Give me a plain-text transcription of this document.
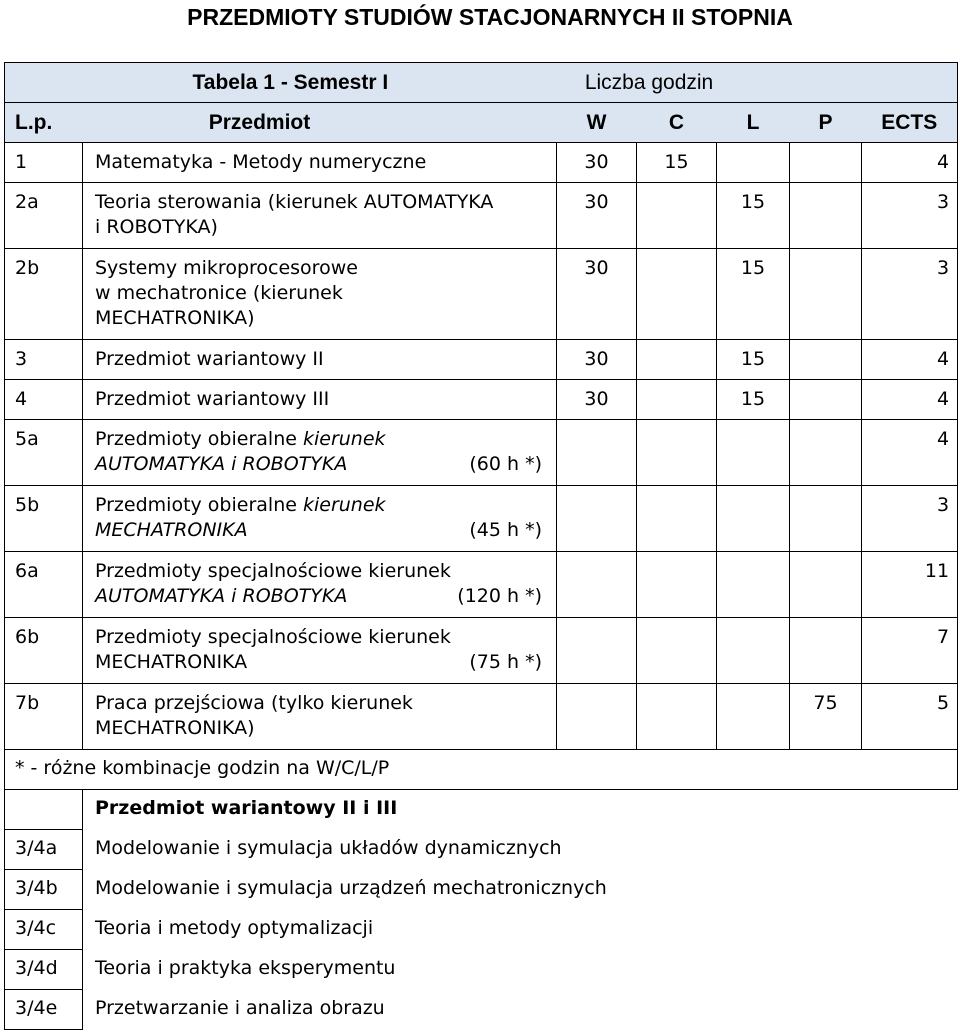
PRZEDMIOTY STUDIÓW STACJONARNYCH II STOPNIA
	Tabela 1 - Semestr I	Liczba godzin				
L.p.	Przedmiot	W	C	L	P	ECTS
1	Matematyka - Metody numeryczne	30	15			4
2a	Teoria sterowania (kierunek AUTOMATYKA
i ROBOTYKA)	30		15		3
2b	Systemy mikroprocesorowe
w mechatronice (kierunek
MECHATRONIKA)	30		15		3
3	Przedmiot wariantowy II	30		15		4
4	Przedmiot wariantowy III	30		15		4
5a	Przedmioty obieralne kierunek
AUTOMATYKA i ROBOTYKA (60 h *)					4
5b	Przedmioty obieralne kierunek
MECHATRONIKA (45 h *)					3
6a	Przedmioty specjalnościowe kierunek
AUTOMATYKA i ROBOTYKA (120 h *)					11
6b	Przedmioty specjalnościowe kierunek
MECHATRONIKA (75 h *)					7
7b	Praca przejściowa (tylko kierunek
MECHATRONIKA)				75	5
* - różne kombinacje godzin na W/C/L/P						
	Przedmiot wariantowy II i III					
3/4a	Modelowanie i symulacja układów dynamicznych					
3/4b	Modelowanie i symulacja urządzeń mechatronicznych					
3/4c	Teoria i metody optymalizacji					
3/4d	Teoria i praktyka eksperymentu					
3/4e	Przetwarzanie i analiza obrazu					
